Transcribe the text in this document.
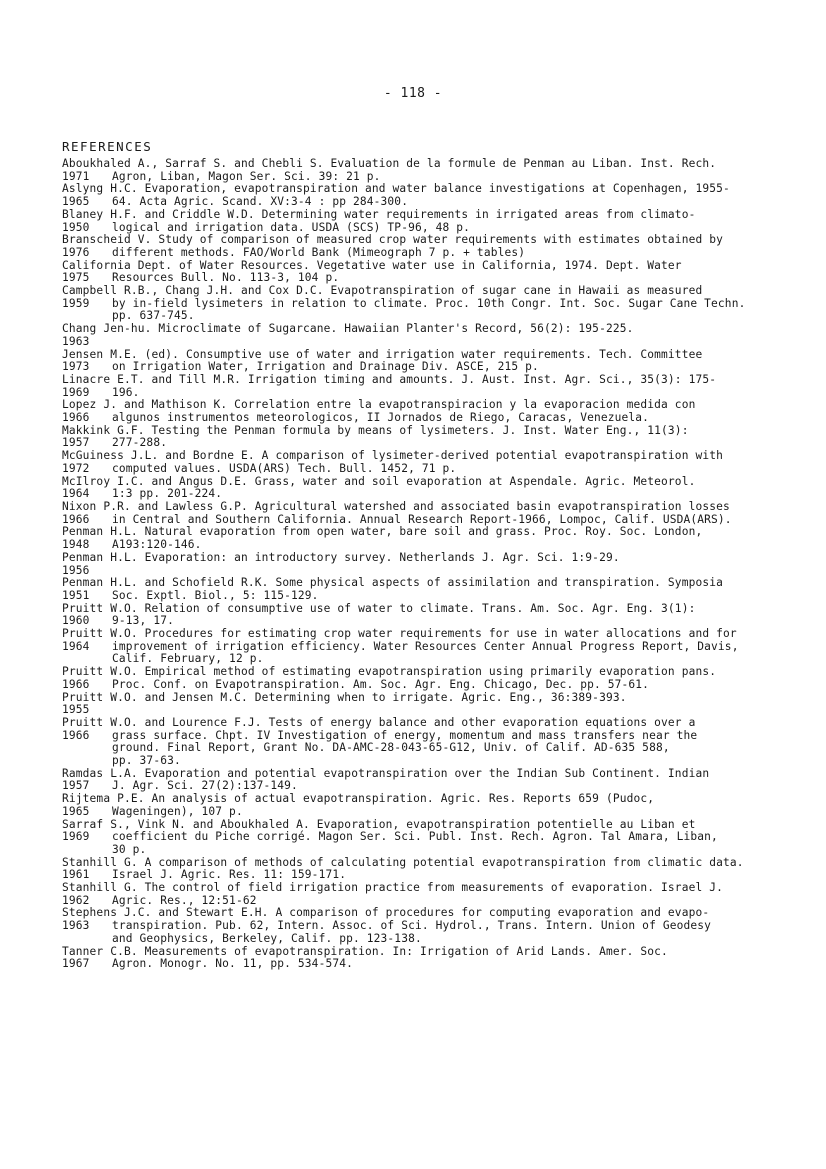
- 118 -
REFERENCES
Aboukhaled A., Sarraf S. and Chebli S. Evaluation de la formule de Penman au Liban. Inst. Rech.
1971	Agron, Liban, Magon Ser. Sci. 39: 21 p.
Aslyng H.C. Evaporation, evapotranspiration and water balance investigations at Copenhagen, 1955-
1965	64. Acta Agric. Scand. XV:3-4 : pp 284-300.
Blaney H.F. and Criddle W.D. Determining water requirements in irrigated areas from climato-
1950	logical and irrigation data. USDA (SCS) TP-96, 48 p.
Branscheid V. Study of comparison of measured crop water requirements with estimates obtained by
1976	different methods. FAO/World Bank (Mimeograph 7 p. + tables)
California Dept. of Water Resources. Vegetative water use in California, 1974. Dept. Water
1975	Resources Bull. No. 113-3, 104 p.
Campbell R.B., Chang J.H. and Cox D.C. Evapotranspiration of sugar cane in Hawaii as measured
1959	by in-field lysimeters in relation to climate. Proc. 10th Congr. Int. Soc. Sugar Cane Techn.
pp. 637-745.
Chang Jen-hu. Microclimate of Sugarcane. Hawaiian Planter's Record, 56(2): 195-225.
1963
Jensen M.E. (ed). Consumptive use of water and irrigation water requirements. Tech. Committee
1973	on Irrigation Water, Irrigation and Drainage Div. ASCE, 215 p.
Linacre E.T. and Till M.R. Irrigation timing and amounts. J. Aust. Inst. Agr. Sci., 35(3): 175-
1969	196.
Lopez J. and Mathison K. Correlation entre la evapotranspiracion y la evaporacion medida con
1966	algunos instrumentos meteorologicos, II Jornados de Riego, Caracas, Venezuela.
Makkink G.F. Testing the Penman formula by means of lysimeters. J. Inst. Water Eng., 11(3):
1957	277-288.
McGuiness J.L. and Bordne E. A comparison of lysimeter-derived potential evapotranspiration with
1972	computed values. USDA(ARS) Tech. Bull. 1452, 71 p.
McIlroy I.C. and Angus D.E. Grass, water and soil evaporation at Aspendale. Agric. Meteorol.
1964	1:3 pp. 201-224.
Nixon P.R. and Lawless G.P. Agricultural watershed and associated basin evapotranspiration losses
1966	in Central and Southern California. Annual Research Report-1966, Lompoc, Calif. USDA(ARS).
Penman H.L. Natural evaporation from open water, bare soil and grass. Proc. Roy. Soc. London,
1948	A193:120-146.
Penman H.L. Evaporation: an introductory survey. Netherlands J. Agr. Sci. 1:9-29.
1956
Penman H.L. and Schofield R.K. Some physical aspects of assimilation and transpiration. Symposia
1951	Soc. Exptl. Biol., 5: 115-129.
Pruitt W.O. Relation of consumptive use of water to climate. Trans. Am. Soc. Agr. Eng. 3(1):
1960	9-13, 17.
Pruitt W.O. Procedures for estimating crop water requirements for use in water allocations and for
1964	improvement of irrigation efficiency. Water Resources Center Annual Progress Report, Davis,
Calif. February, 12 p.
Pruitt W.O. Empirical method of estimating evapotranspiration using primarily evaporation pans.
1966	Proc. Conf. on Evapotranspiration. Am. Soc. Agr. Eng. Chicago, Dec. pp. 57-61.
Pruitt W.O. and Jensen M.C. Determining when to irrigate. Agric. Eng., 36:389-393.
1955
Pruitt W.O. and Lourence F.J. Tests of energy balance and other evaporation equations over a
1966	grass surface. Chpt. IV Investigation of energy, momentum and mass transfers near the
ground. Final Report, Grant No. DA-AMC-28-043-65-G12, Univ. of Calif. AD-635 588,
pp. 37-63.
Ramdas L.A. Evaporation and potential evapotranspiration over the Indian Sub Continent. Indian
1957	J. Agr. Sci. 27(2):137-149.
Rijtema P.E. An analysis of actual evapotranspiration. Agric. Res. Reports 659 (Pudoc,
1965	Wageningen), 107 p.
Sarraf S., Vink N. and Aboukhaled A. Evaporation, evapotranspiration potentielle au Liban et
1969	coefficient du Piche corrigé. Magon Ser. Sci. Publ. Inst. Rech. Agron. Tal Amara, Liban,
30 p.
Stanhill G. A comparison of methods of calculating potential evapotranspiration from climatic data.
1961	Israel J. Agric. Res. 11: 159-171.
Stanhill G. The control of field irrigation practice from measurements of evaporation. Israel J.
1962	Agric. Res., 12:51-62
Stephens J.C. and Stewart E.H. A comparison of procedures for computing evaporation and evapo-
1963	transpiration. Pub. 62, Intern. Assoc. of Sci. Hydrol., Trans. Intern. Union of Geodesy
and Geophysics, Berkeley, Calif. pp. 123-138.
Tanner C.B. Measurements of evapotranspiration. In: Irrigation of Arid Lands. Amer. Soc.
1967	Agron. Monogr. No. 11, pp. 534-574.
